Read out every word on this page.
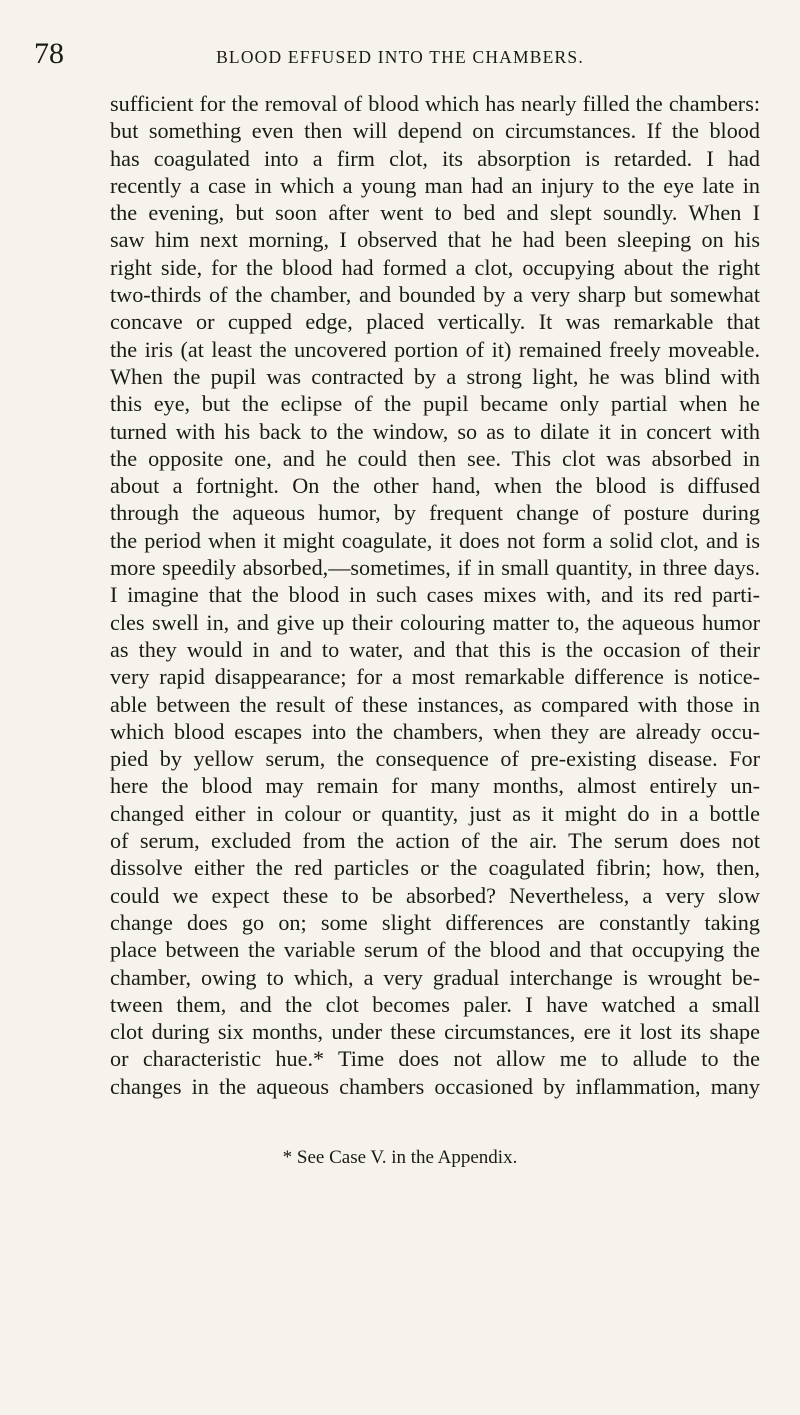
78	BLOOD EFFUSED INTO THE CHAMBERS.
sufficient for the removal of blood which has nearly filled the chambers:
but something even then will depend on circumstances. If the blood
has coagulated into a firm clot, its absorption is retarded. I had
recently a case in which a young man had an injury to the eye late in
the evening, but soon after went to bed and slept soundly. When I
saw him next morning, I observed that he had been sleeping on his
right side, for the blood had formed a clot, occupying about the right
two-thirds of the chamber, and bounded by a very sharp but somewhat
concave or cupped edge, placed vertically. It was remarkable that
the iris (at least the uncovered portion of it) remained freely moveable.
When the pupil was contracted by a strong light, he was blind with
this eye, but the eclipse of the pupil became only partial when he
turned with his back to the window, so as to dilate it in concert with
the opposite one, and he could then see. This clot was absorbed in
about a fortnight. On the other hand, when the blood is diffused
through the aqueous humor, by frequent change of posture during
the period when it might coagulate, it does not form a solid clot, and is
more speedily absorbed,—sometimes, if in small quantity, in three days.
I imagine that the blood in such cases mixes with, and its red parti-
cles swell in, and give up their colouring matter to, the aqueous humor
as they would in and to water, and that this is the occasion of their
very rapid disappearance; for a most remarkable difference is notice-
able between the result of these instances, as compared with those in
which blood escapes into the chambers, when they are already occu-
pied by yellow serum, the consequence of pre-existing disease. For
here the blood may remain for many months, almost entirely un-
changed either in colour or quantity, just as it might do in a bottle
of serum, excluded from the action of the air. The serum does not
dissolve either the red particles or the coagulated fibrin; how, then,
could we expect these to be absorbed? Nevertheless, a very slow
change does go on; some slight differences are constantly taking
place between the variable serum of the blood and that occupying the
chamber, owing to which, a very gradual interchange is wrought be-
tween them, and the clot becomes paler. I have watched a small
clot during six months, under these circumstances, ere it lost its shape
or characteristic hue.* Time does not allow me to allude to the
changes in the aqueous chambers occasioned by inflammation, many
* See Case V. in the Appendix.
